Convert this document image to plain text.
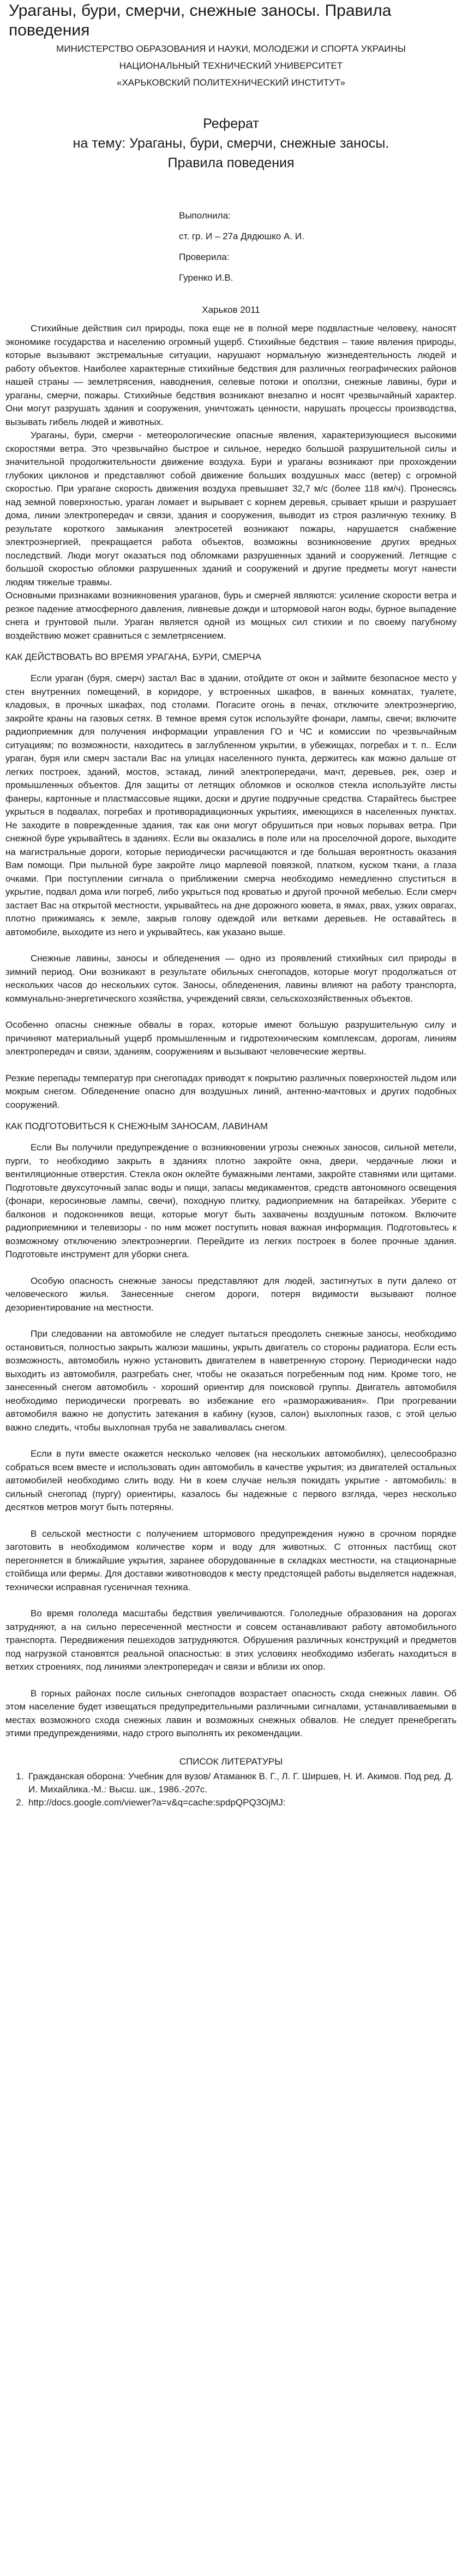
Ураганы, бури, смерчи, снежные заносы. Правила поведения

МИНИСТЕРСТВО ОБРАЗОВАНИЯ И НАУКИ, МОЛОДЕЖИ И СПОРТА УКРАИНЫ

НАЦИОНАЛЬНЫЙ ТЕХНИЧЕСКИЙ УНИВЕРСИТЕТ

«ХАРЬКОВСКИЙ ПОЛИТЕХНИЧЕСКИЙ ИНСТИТУТ»

Реферат
на тему: Ураганы, бури, смерчи, снежные заносы.
Правила поведения
Выполнила:
ст. гр. И – 27а Дядюшко А. И.
Проверила:
Гуренко И.В.
Харьков 2011

Стихийные действия сил природы, пока еще не в полной мере подвластные человеку, наносят экономике государства и населению огромный ущерб. Стихийные бедствия – такие явления природы, которые вызывают экстремальные ситуации, нарушают нормальную жизнедеятельность людей и работу объектов. Наиболее характерные стихийные бедствия для различных географических районов нашей страны — землетрясения, наводнения, селевые потоки и оползни, снежные лавины, бури и ураганы, смерчи, пожары. Стихийные бедствия возникают внезапно и носят чрезвычайный характер. Они могут разрушать здания и сооружения, уничтожать ценности, нарушать процессы производства, вызывать гибель людей и животных.

Ураганы, бури, смерчи - метеорологические опасные явления, характеризующиеся высокими скоростями ветра. Это чрезвычайно быстрое и сильное, нередко большой разрушительной силы и значительной продолжительности движение воздуха. Бури и ураганы возникают при прохождении глубоких циклонов и представляют собой движение больших воздушных масс (ветер) с огромной скоростью. При урагане скорость движения воздуха превышает 32,7 м/с (более 118 км/ч). Пронесясь над земной поверхностью, ураган ломает и вырывает с корнем деревья, срывает крыши и разрушает дома, линии электропередач и связи, здания и сооружения, выводит из строя различную технику. В результате короткого замыкания электросетей возникают пожары, нарушается снабжение электроэнергией, прекращается работа объектов, возможны возникновение других вредных последствий. Люди могут оказаться под обломками разрушенных зданий и сооружений. Летящие с большой скоростью обломки разрушенных зданий и сооружений и другие предметы могут нанести людям тяжелые травмы.

Основными признаками возникновения ураганов, бурь и смерчей являются: усиление скорости ветра и резкое падение атмосферного давления, ливневые дожди и штормовой нагон воды, бурное выпадение снега и грунтовой пыли. Ураган является одной из мощных сил стихии и по своему пагубному воздействию может сравниться с землетрясением.

КАК ДЕЙСТВОВАТЬ ВО ВРЕМЯ УРАГАНА, БУРИ, СМЕРЧА

Если ураган (буря, смерч) застал Вас в здании, отойдите от окон и займите безопасное место у стен внутренних помещений, в коридоре, у встроенных шкафов, в ванных комнатах, туалете, кладовых, в прочных шкафах, под столами. Погасите огонь в печах, отключите электроэнергию, закройте краны на газовых сетях. В темное время суток используйте фонари, лампы, свечи; включите радиоприемник для получения информации управления ГО и ЧС и комиссии по чрезвычайным ситуациям; по возможности, находитесь в заглубленном укрытии, в убежищах, погребах и т. п.. Если ураган, буря или смерч застали Вас на улицах населенного пункта, держитесь как можно дальше от легких построек, зданий, мостов, эстакад, линий электропередачи, мачт, деревьев, рек, озер и промышленных объектов. Для защиты от летящих обломков и осколков стекла используйте листы фанеры, картонные и пластмассовые ящики, доски и другие подручные средства. Старайтесь быстрее укрыться в подвалах, погребах и противорадиационных укрытиях, имеющихся в населенных пунктах. Не заходите в поврежденные здания, так как они могут обрушиться при новых порывах ветра. При снежной буре укрывайтесь в зданиях. Если вы оказались в поле или на проселочной дороге, выходите на магистральные дороги, которые периодически расчищаются и где большая вероятность оказания Вам помощи. При пыльной буре закройте лицо марлевой повязкой, платком, куском ткани, а глаза очками. При поступлении сигнала о приближении смерча необходимо немедленно спуститься в укрытие, подвал дома или погреб, либо укрыться под кроватью и другой прочной мебелью. Если смерч застает Вас на открытой местности, укрывайтесь на дне дорожного кювета, в ямах, рвах, узких оврагах, плотно прижимаясь к земле, закрыв голову одеждой или ветками деревьев. Не оставайтесь в автомобиле, выходите из него и укрывайтесь, как указано выше.

Снежные лавины, заносы и обледенения — одно из проявлений стихийных сил природы в зимний период. Они возникают в результате обильных снегопадов, которые могут продолжаться от нескольких часов до нескольких суток. Заносы, обледенения, лавины влияют на работу транспорта, коммунально-энергетического хозяйства, учреждений связи, сельскохозяйственных объектов.

Особенно опасны снежные обвалы в горах, которые имеют большую разрушительную силу и причиняют материальный ущерб промышленным и гидротехническим комплексам, дорогам, линиям электропередач и связи, зданиям, сооружениям и вызывают человеческие жертвы.

Резкие перепады температур при снегопадах приводят к покрытию различных поверхностей льдом или мокрым снегом. Обледенение опасно для воздушных линий, антенно-мачтовых и других подобных сооружений.

КАК ПОДГОТОВИТЬСЯ К СНЕЖНЫМ ЗАНОСАМ, ЛАВИНАМ

Если Вы получили предупреждение о возникновении угрозы снежных заносов, сильной метели, пурги, то необходимо закрыть в зданиях плотно закройте окна, двери, чердачные люки и вентиляционные отверстия. Стекла окон оклейте бумажными лентами, закройте ставнями или щитами. Подготовьте двухсуточный запас воды и пищи, запасы медикаментов, средств автономного освещения (фонари, керосиновые лампы, свечи), походную плитку, радиоприемник на батарейках. Уберите с балконов и подоконников вещи, которые могут быть захвачены воздушным потоком. Включите радиоприемники и телевизоры - по ним может поступить новая важная информация. Подготовьтесь к возможному отключению электроэнергии. Перейдите из легких построек в более прочные здания. Подготовьте инструмент для уборки снега.

Особую опасность снежные заносы представляют для людей, застигнутых в пути далеко от человеческого жилья. Занесенные снегом дороги, потеря видимости вызывают полное дезориентирование на местности.

При следовании на автомобиле не следует пытаться преодолеть снежные заносы, необходимо остановиться, полностью закрыть жалюзи машины, укрыть двигатель со стороны радиатора. Если есть возможность, автомобиль нужно установить двигателем в наветренную сторону. Периодически надо выходить из автомобиля, разгребать снег, чтобы не оказаться погребенным под ним. Кроме того, не занесенный снегом автомобиль - хороший ориентир для поисковой группы. Двигатель автомобиля необходимо периодически прогревать во избежание его «размораживания». При прогревании автомобиля важно не допустить затекания в кабину (кузов, салон) выхлопных газов, с этой целью важно следить, чтобы выхлопная труба не заваливалась снегом.

Если в пути вместе окажется несколько человек (на нескольких автомобилях), целесообразно собраться всем вместе и использовать один автомобиль в качестве укрытия; из двигателей остальных автомобилей необходимо слить воду. Ни в коем случае нельзя покидать укрытие - автомобиль: в сильный снегопад (пургу) ориентиры, казалось бы надежные с первого взгляда, через несколько десятков метров могут быть потеряны.

В сельской местности с получением штормового предупреждения нужно в срочном порядке заготовить в необходимом количестве корм и воду для животных. С отгонных пастбищ скот перегоняется в ближайшие укрытия, заранее оборудованные в складках местности, на стационарные стойбища или фермы. Для доставки животноводов к месту предстоящей работы выделяется надежная, технически исправная гусеничная техника.

Во время гололеда масштабы бедствия увеличиваются. Гололедные образования на дорогах затрудняют, а на сильно пересеченной местности и совсем останавливают работу автомобильного транспорта. Передвижения пешеходов затрудняются. Обрушения различных конструкций и предметов под нагрузкой становятся реальной опасностью: в этих условиях необходимо избегать находиться в ветхих строениях, под линиями электропередач и связи и вблизи их опор.

В горных районах после сильных снегопадов возрастает опасность схода снежных лавин. Об этом население будет извещаться предупредительными различными сигналами, устанавливаемыми в местах возможного схода снежных лавин и возможных снежных обвалов. Не следует пренебрегать этими предупреждениями, надо строго выполнять их рекомендации.

СПИСОК ЛИТЕРАТУРЫ
1. Гражданская оборона: Учебник для вузов/ Атаманюк В. Г., Л. Г. Ширшев, Н. И. Акимов. Под ред. Д. И. Михайлика.-М.: Высш. шк., 1986.-207с.
2. http://docs.google.com/viewer?a=v&q=cache:spdpQPQ3OjMJ:
